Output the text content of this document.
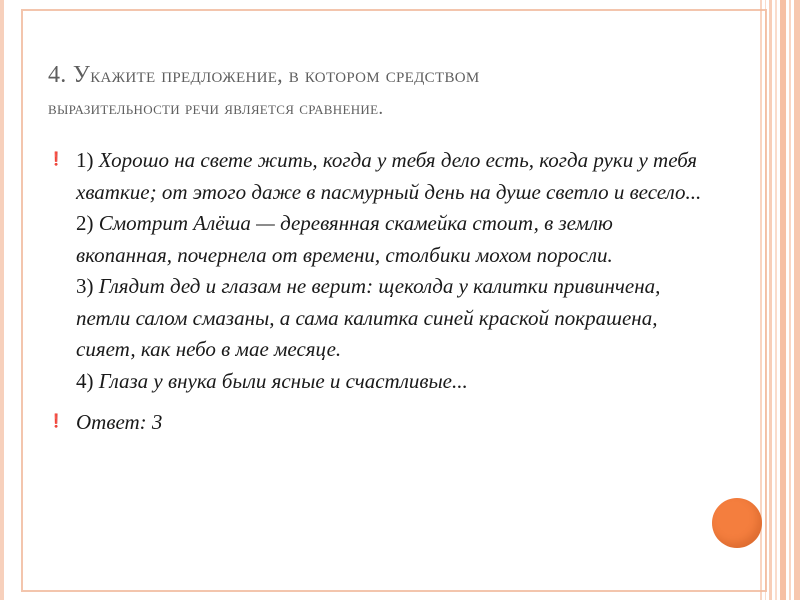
4. Укажите предложение, в котором средством
выразительности речи является сравнение.
❗ 1) Хорошо на свете жить, когда у тебя дело есть, когда руки у тебя хваткие; от этого даже в пасмурный день на душе светло и весело...
2) Смотрит Алёша — деревянная скамейка стоит, в землю вкопанная, почернела от времени, столбики мохом поросли.
3) Глядит дед и глазам не верит: щеколда у калитки привинчена, петли салом смазаны, а сама калитка синей краской покрашена, сияет, как небо в мае месяце.
4) Глаза у внука были ясные и счастливые...
❗ Ответ: 3
